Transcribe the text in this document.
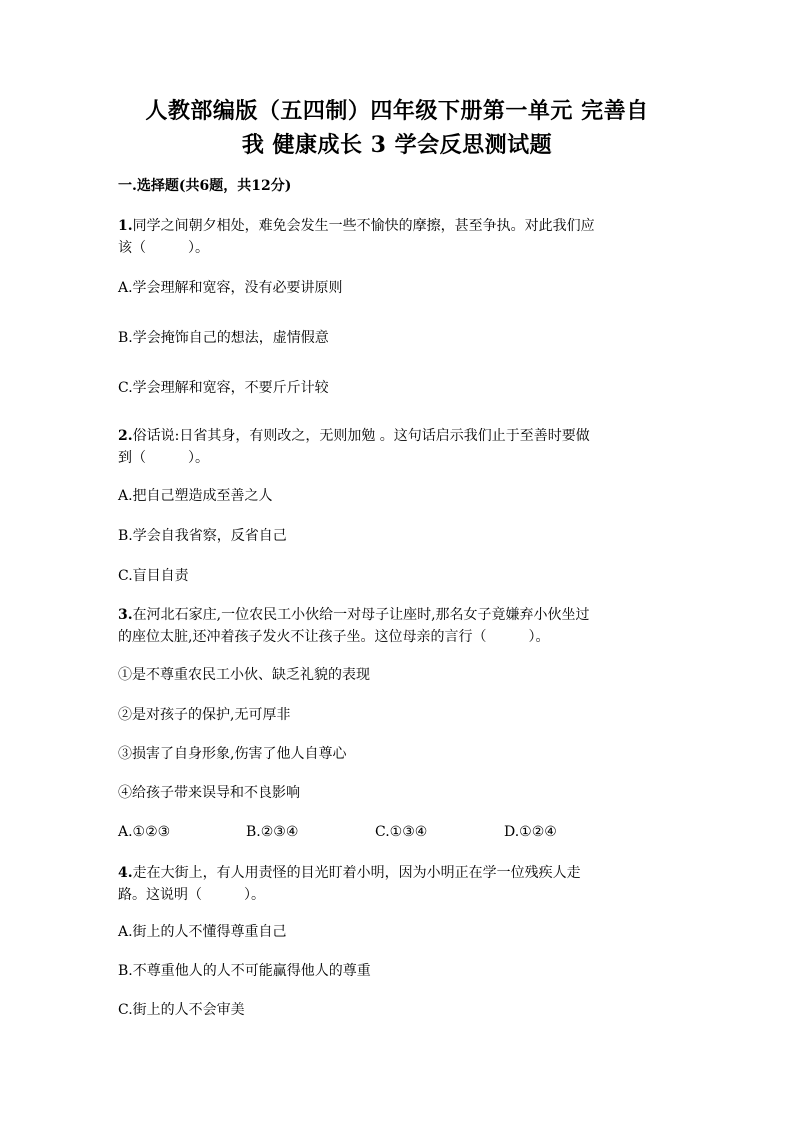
人教部编版（五四制）四年级下册第一单元 完善自
我 健康成长 3 学会反思测试题
一.选择题(共6题，共12分)
1.同学之间朝夕相处，难免会发生一些不愉快的摩擦，甚至争执。对此我们应
该（　　　）。
A.学会理解和宽容，没有必要讲原则
B.学会掩饰自己的想法，虚情假意
C.学会理解和宽容，不要斤斤计较
2.俗话说:日省其身，有则改之，无则加勉 。这句话启示我们止于至善时要做
到（　　　）。
A.把自己塑造成至善之人
B.学会自我省察，反省自己
C.盲目自责
3.在河北石家庄,一位农民工小伙给一对母子让座时,那名女子竟嫌弃小伙坐过
的座位太脏,还冲着孩子发火不让孩子坐。这位母亲的言行（　　　）。
①是不尊重农民工小伙、缺乏礼貌的表现
②是对孩子的保护,无可厚非
③损害了自身形象,伤害了他人自尊心
④给孩子带来误导和不良影响
A.①②③	B.②③④	C.①③④	D.①②④
4.走在大街上，有人用责怪的目光盯着小明，因为小明正在学一位残疾人走
路。这说明（　　　）。
A.街上的人不懂得尊重自己
B.不尊重他人的人不可能赢得他人的尊重
C.街上的人不会审美
